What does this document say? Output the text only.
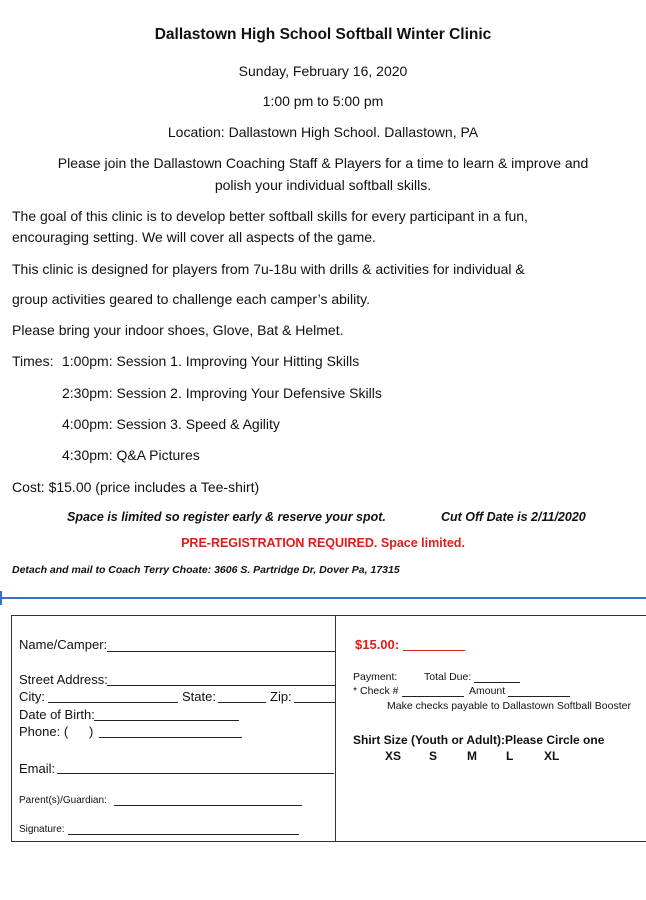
Dallastown High School Softball Winter Clinic
Sunday, February 16, 2020
1:00 pm to 5:00 pm
Location: Dallastown High School. Dallastown, PA
Please join the Dallastown Coaching Staff & Players for a time to learn & improve and
polish your individual softball skills.
The goal of this clinic is to develop better softball skills for every participant in a fun,
encouraging setting. We will cover all aspects of the game.
This clinic is designed for players from 7u-18u with drills & activities for individual &
group activities geared to challenge each camper’s ability.
Please bring your indoor shoes, Glove, Bat & Helmet.
Times: 1:00pm: Session 1. Improving Your Hitting Skills
2:30pm: Session 2. Improving Your Defensive Skills
4:00pm: Session 3. Speed & Agility
4:30pm: Q&A Pictures
Cost: $15.00 (price includes a Tee-shirt)
Space is limited so register early & reserve your spot.	Cut Off Date is 2/11/2020
PRE-REGISTRATION REQUIRED. Space limited.
Detach and mail to Coach Terry Choate: 3606 S. Partridge Dr, Dover Pa, 17315
Name/Camper:
Street Address:
City:	State:	Zip:
Date of Birth:
Phone: ( )
Email:
Parent(s)/Guardian:
Signature:
$15.00:
Payment:	Total Due:
* Check #	Amount
Make checks payable to Dallastown Softball Booster
Shirt Size (Youth or Adult):Please Circle one
XS S M L	XL
